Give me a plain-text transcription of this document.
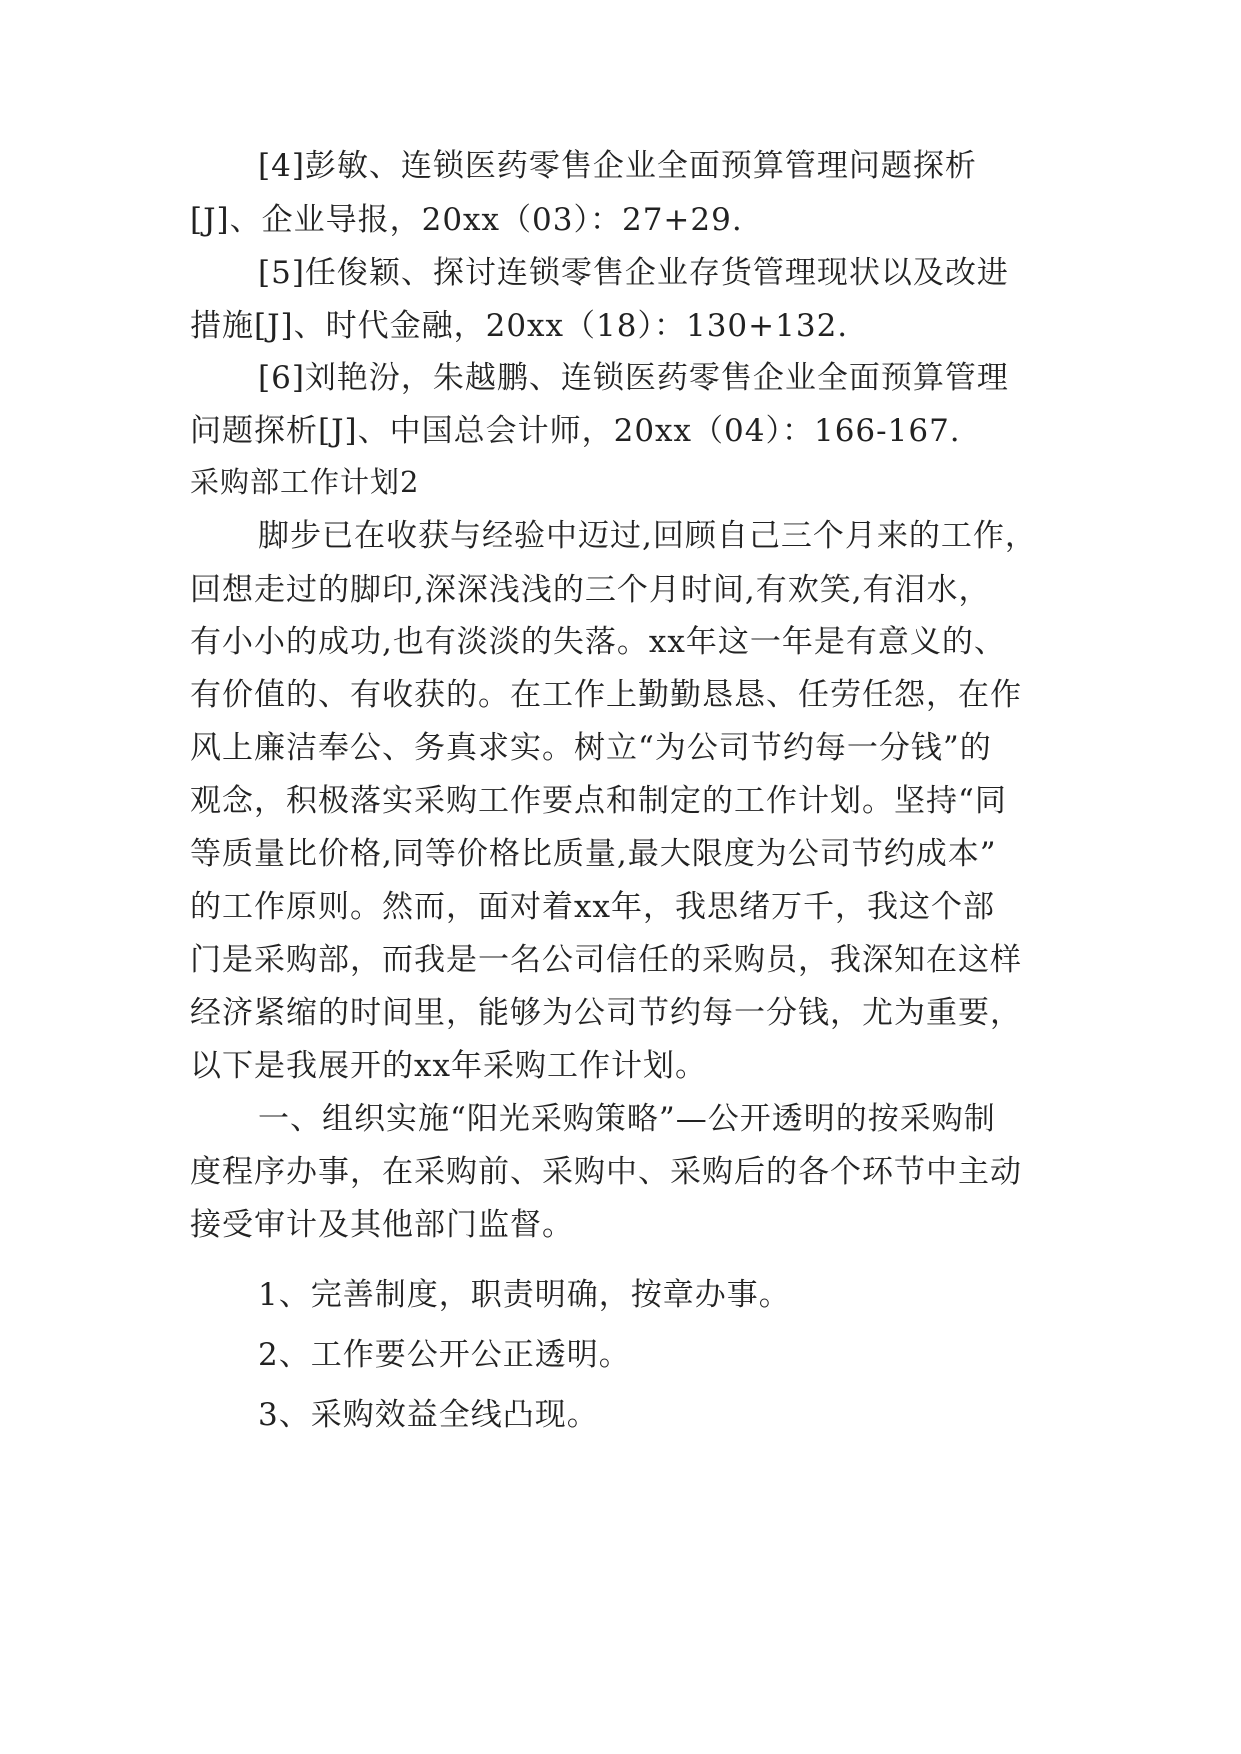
[4]彭敏、连锁医药零售企业全面预算管理问题探析
[J]、企业导报，20xx（03）：27+29.
[5]任俊颖、探讨连锁零售企业存货管理现状以及改进
措施[J]、时代金融，20xx（18）：130+132.
[6]刘艳汾，朱越鹏、连锁医药零售企业全面预算管理
问题探析[J]、中国总会计师，20xx（04）：166-167.
采购部工作计划2
脚步已在收获与经验中迈过,回顾自己三个月来的工作，
回想走过的脚印,深深浅浅的三个月时间,有欢笑,有泪水，
有小小的成功,也有淡淡的失落。xx年这一年是有意义的、
有价值的、有收获的。在工作上勤勤恳恳、任劳任怨，在作
风上廉洁奉公、务真求实。树立“为公司节约每一分钱”的
观念，积极落实采购工作要点和制定的工作计划。坚持“同
等质量比价格,同等价格比质量,最大限度为公司节约成本”
的工作原则。然而，面对着xx年，我思绪万千，我这个部
门是采购部，而我是一名公司信任的采购员，我深知在这样
经济紧缩的时间里，能够为公司节约每一分钱，尤为重要，
以下是我展开的xx年采购工作计划。
一、组织实施“阳光采购策略”—公开透明的按采购制
度程序办事，在采购前、采购中、采购后的各个环节中主动
接受审计及其他部门监督。
1、完善制度，职责明确，按章办事。
2、工作要公开公正透明。
3、采购效益全线凸现。
